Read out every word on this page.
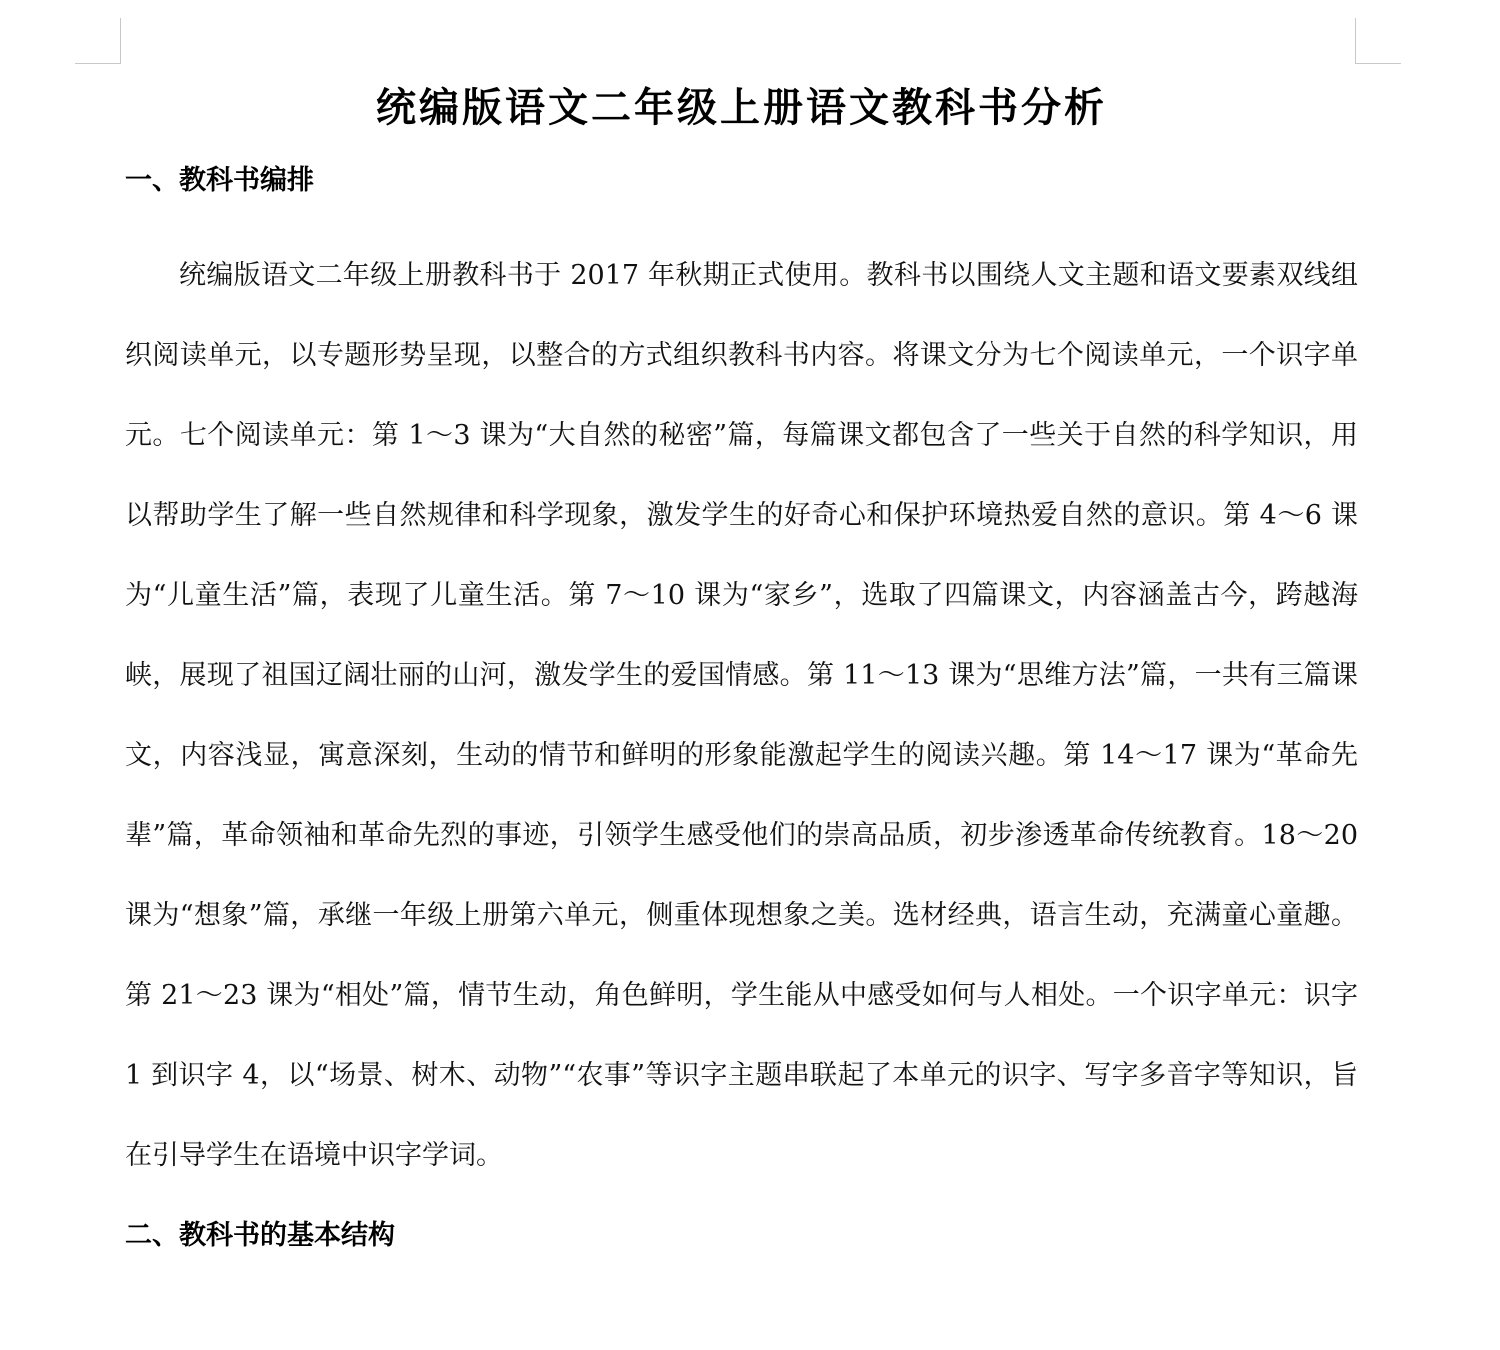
统编版语文二年级上册语文教科书分析
一、教科书编排

统编版语文二年级上册教科书于 2017 年秋期正式使用。教科书以围绕人文主题和语文要素双线组织阅读单元，以专题形势呈现，以整合的方式组织教科书内容。将课文分为七个阅读单元，一个识字单元。七个阅读单元：第 1～3 课为“大自然的秘密”篇，每篇课文都包含了一些关于自然的科学知识，用以帮助学生了解一些自然规律和科学现象，激发学生的好奇心和保护环境热爱自然的意识。第 4～6 课为“儿童生活”篇，表现了儿童生活。第 7～10 课为“家乡”，选取了四篇课文，内容涵盖古今，跨越海峡，展现了祖国辽阔壮丽的山河，激发学生的爱国情感。第 11～13 课为“思维方法”篇，一共有三篇课文，内容浅显，寓意深刻，生动的情节和鲜明的形象能激起学生的阅读兴趣。第 14～17 课为“革命先辈”篇，革命领袖和革命先烈的事迹，引领学生感受他们的崇高品质，初步渗透革命传统教育。18～20 课为“想象”篇，承继一年级上册第六单元，侧重体现想象之美。选材经典，语言生动，充满童心童趣。第 21～23 课为“相处”篇，情节生动，角色鲜明，学生能从中感受如何与人相处。一个识字单元：识字 1 到识字 4，以“场景、树木、动物”“农事”等识字主题串联起了本单元的识字、写字多音字等知识，旨在引导学生在语境中识字学词。

二、教科书的基本结构
